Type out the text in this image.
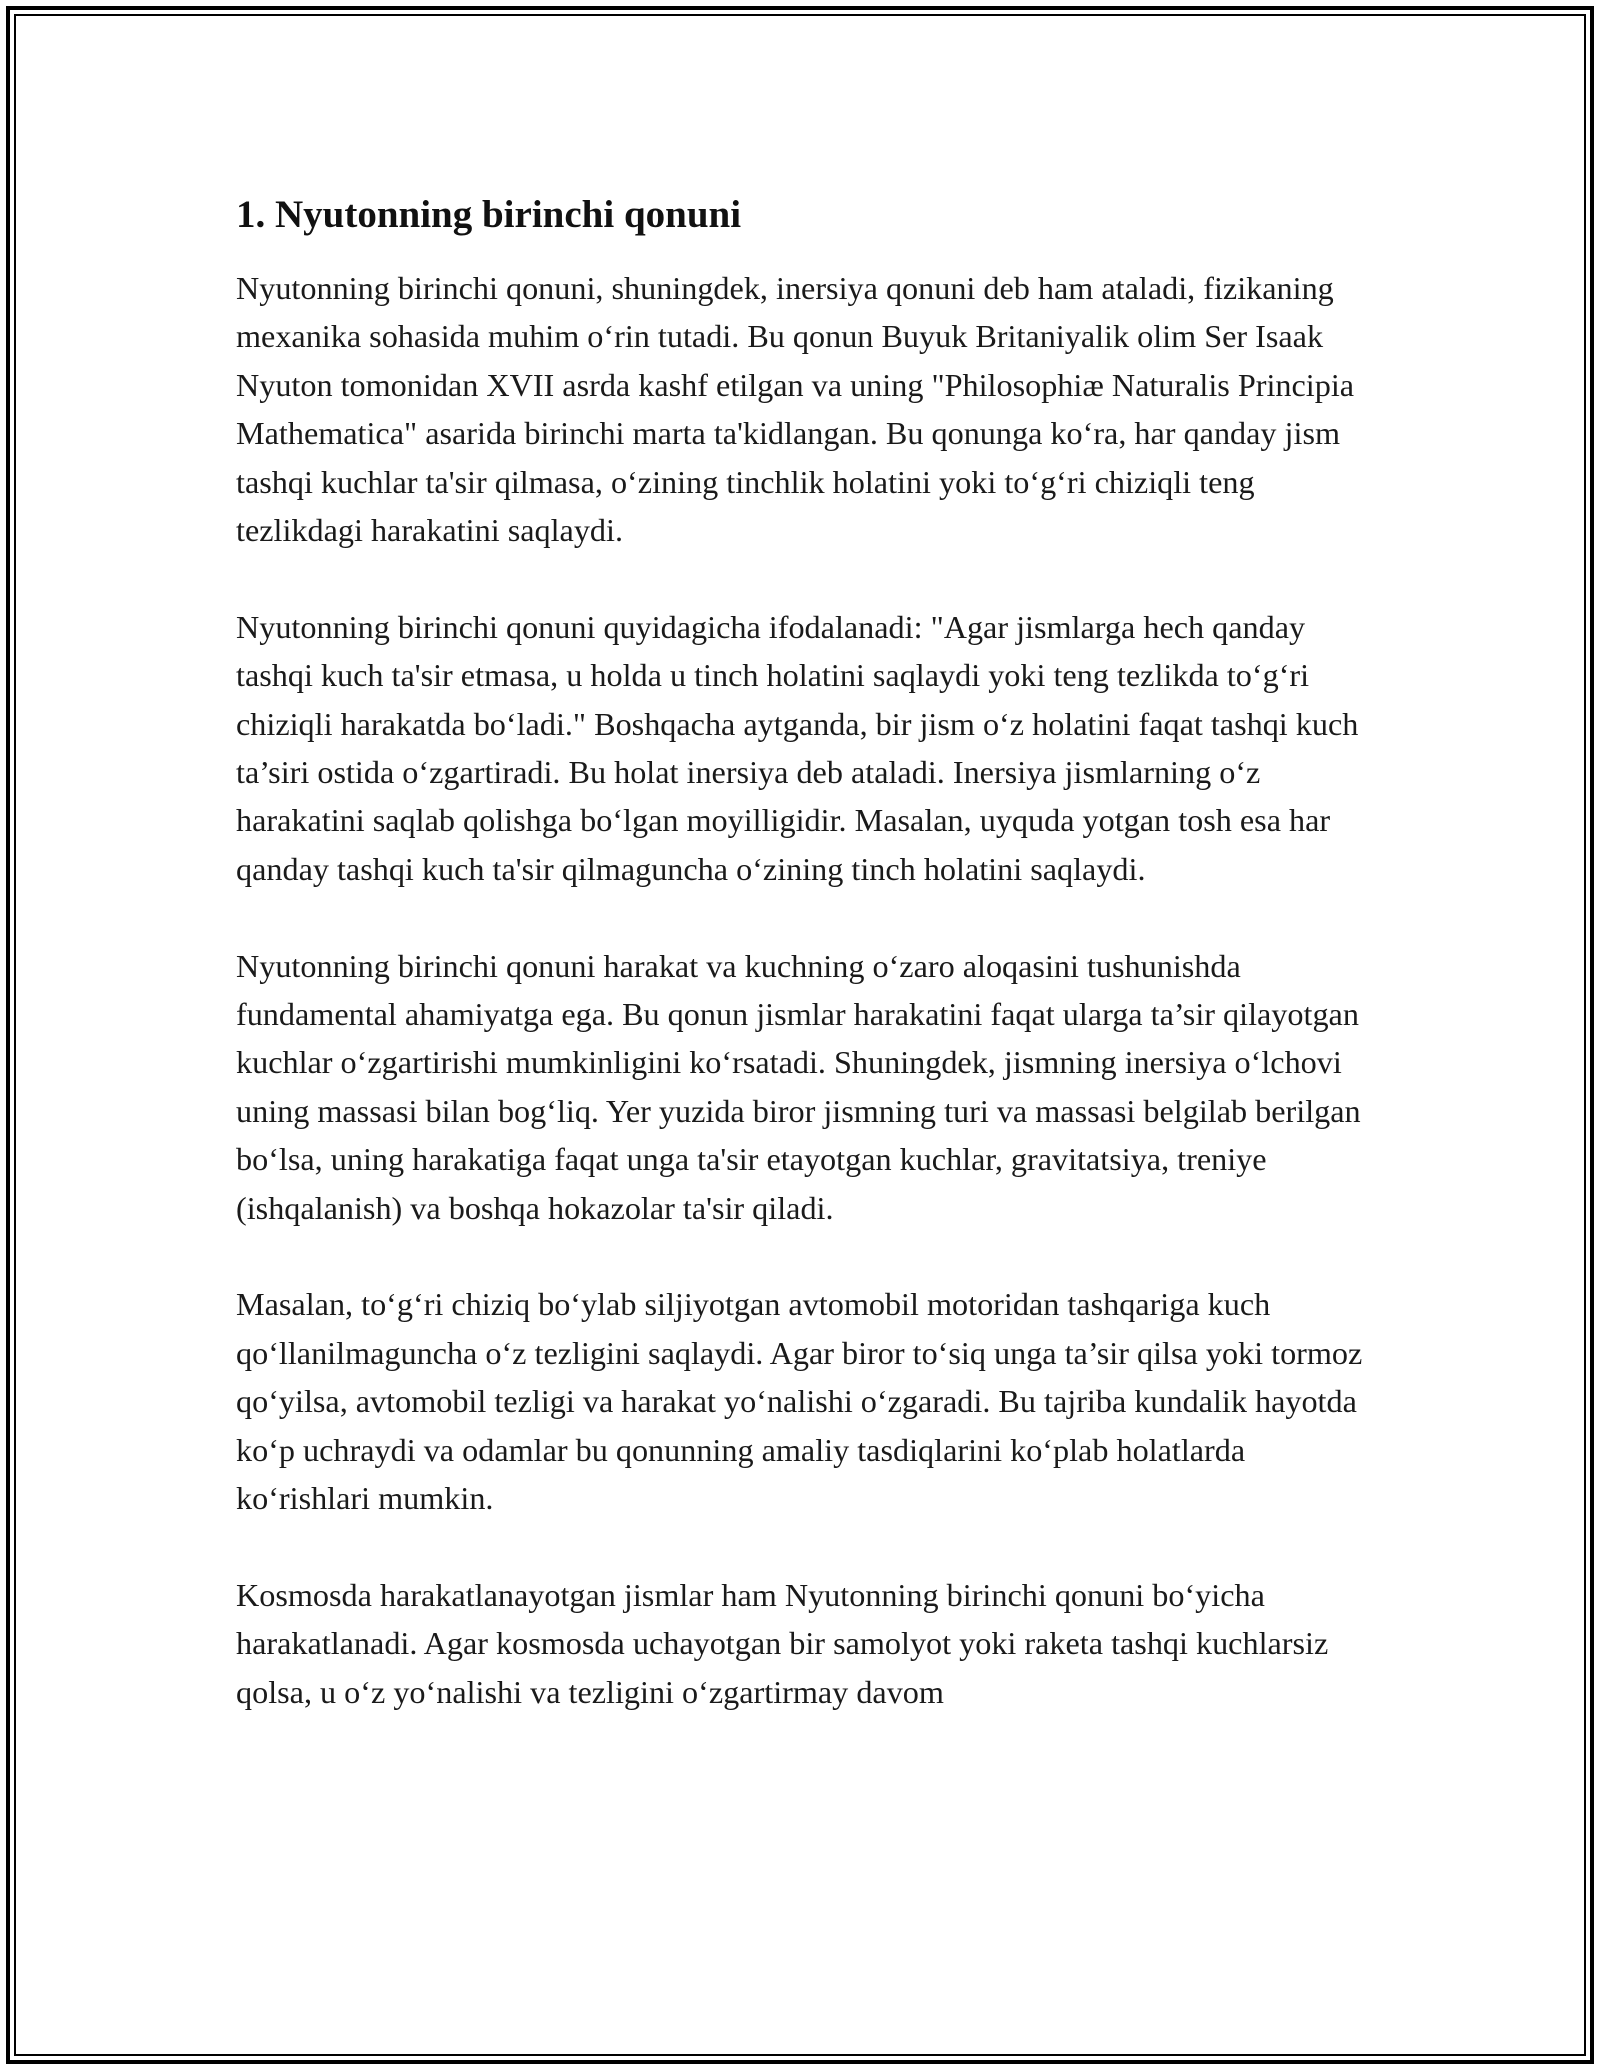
1. Nyutonning birinchi qonuni

Nyutonning birinchi qonuni, shuningdek, inersiya qonuni deb ham ataladi, fizikaning mexanika sohasida muhim o‘rin tutadi. Bu qonun Buyuk Britaniyalik olim Ser Isaak Nyuton tomonidan XVII asrda kashf etilgan va uning "Philosophiæ Naturalis Principia Mathematica" asarida birinchi marta ta'kidlangan. Bu qonunga ko‘ra, har qanday jism tashqi kuchlar ta'sir qilmasa, o‘zining tinchlik holatini yoki to‘g‘ri chiziqli teng tezlikdagi harakatini saqlaydi.

Nyutonning birinchi qonuni quyidagicha ifodalanadi: "Agar jismlarga hech qanday tashqi kuch ta'sir etmasa, u holda u tinch holatini saqlaydi yoki teng tezlikda to‘g‘ri chiziqli harakatda bo‘ladi." Boshqacha aytganda, bir jism o‘z holatini faqat tashqi kuch ta’siri ostida o‘zgartiradi. Bu holat inersiya deb ataladi. Inersiya jismlarning o‘z harakatini saqlab qolishga bo‘lgan moyilligidir. Masalan, uyquda yotgan tosh esa har qanday tashqi kuch ta'sir qilmaguncha o‘zining tinch holatini saqlaydi.

Nyutonning birinchi qonuni harakat va kuchning o‘zaro aloqasini tushunishda fundamental ahamiyatga ega. Bu qonun jismlar harakatini faqat ularga ta’sir qilayotgan kuchlar o‘zgartirishi mumkinligini ko‘rsatadi. Shuningdek, jismning inersiya o‘lchovi uning massasi bilan bog‘liq. Yer yuzida biror jismning turi va massasi belgilab berilgan bo‘lsa, uning harakatiga faqat unga ta'sir etayotgan kuchlar, gravitatsiya, treniye (ishqalanish) va boshqa hokazolar ta'sir qiladi.

Masalan, to‘g‘ri chiziq bo‘ylab siljiyotgan avtomobil motoridan tashqariga kuch qo‘llanilmaguncha o‘z tezligini saqlaydi. Agar biror to‘siq unga ta’sir qilsa yoki tormoz qo‘yilsa, avtomobil tezligi va harakat yo‘nalishi o‘zgaradi. Bu tajriba kundalik hayotda ko‘p uchraydi va odamlar bu qonunning amaliy tasdiqlarini ko‘plab holatlarda ko‘rishlari mumkin.

Kosmosda harakatlanayotgan jismlar ham Nyutonning birinchi qonuni bo‘yicha harakatlanadi. Agar kosmosda uchayotgan bir samolyot yoki raketa tashqi kuchlarsiz qolsa, u o‘z yo‘nalishi va tezligini o‘zgartirmay davom
